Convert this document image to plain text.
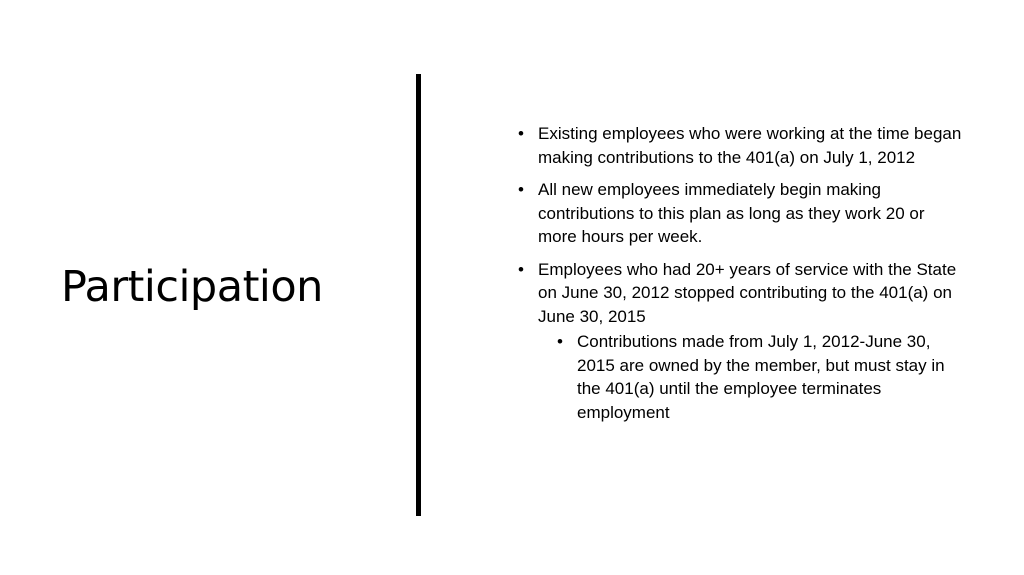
Participation
• Existing employees who were working at the time began making contributions to the 401(a) on July 1, 2012
• All new employees immediately begin making contributions to this plan as long as they work 20 or more hours per week.
• Employees who had 20+ years of service with the State on June 30, 2012 stopped contributing to the 401(a) on June 30, 2015
• Contributions made from July 1, 2012-June 30, 2015 are owned by the member, but must stay in the 401(a) until the employee terminates employment
